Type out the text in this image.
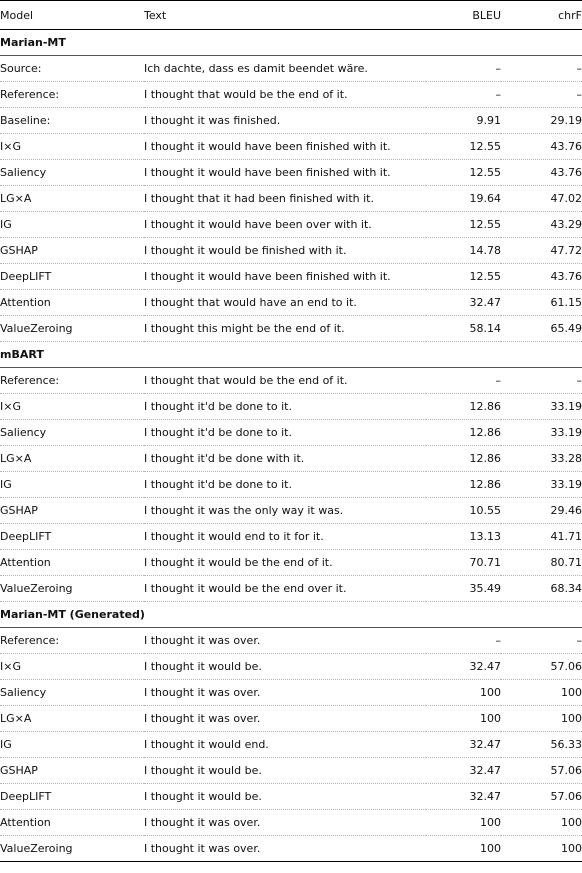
Model	Text	BLEU	chrF
Marian-MT			
Source:	Ich dachte, dass es damit beendet wäre.	–	–
Reference:	I thought that would be the end of it.	–	–
Baseline:	I thought it was finished.	9.91	29.19
I×G	I thought it would have been finished with it.	12.55	43.76
Saliency	I thought it would have been finished with it.	12.55	43.76
LG×A	I thought that it had been finished with it.	19.64	47.02
IG	I thought it would have been over with it.	12.55	43.29
GSHAP	I thought it would be finished with it.	14.78	47.72
DeepLIFT	I thought it would have been finished with it.	12.55	43.76
Attention	I thought that would have an end to it.	32.47	61.15
ValueZeroing	I thought this might be the end of it.	58.14	65.49
mBART			
Reference:	I thought that would be the end of it.	–	–
I×G	I thought it'd be done to it.	12.86	33.19
Saliency	I thought it'd be done to it.	12.86	33.19
LG×A	I thought it'd be done with it.	12.86	33.28
IG	I thought it'd be done to it.	12.86	33.19
GSHAP	I thought it was the only way it was.	10.55	29.46
DeepLIFT	I thought it would end to it for it.	13.13	41.71
Attention	I thought it would be the end of it.	70.71	80.71
ValueZeroing	I thought it would be the end over it.	35.49	68.34
Marian-MT (Generated)			
Reference:	I thought it was over.	–	–
I×G	I thought it would be.	32.47	57.06
Saliency	I thought it was over.	100	100
LG×A	I thought it was over.	100	100
IG	I thought it would end.	32.47	56.33
GSHAP	I thought it would be.	32.47	57.06
DeepLIFT	I thought it would be.	32.47	57.06
Attention	I thought it was over.	100	100
ValueZeroing	I thought it was over.	100	100
